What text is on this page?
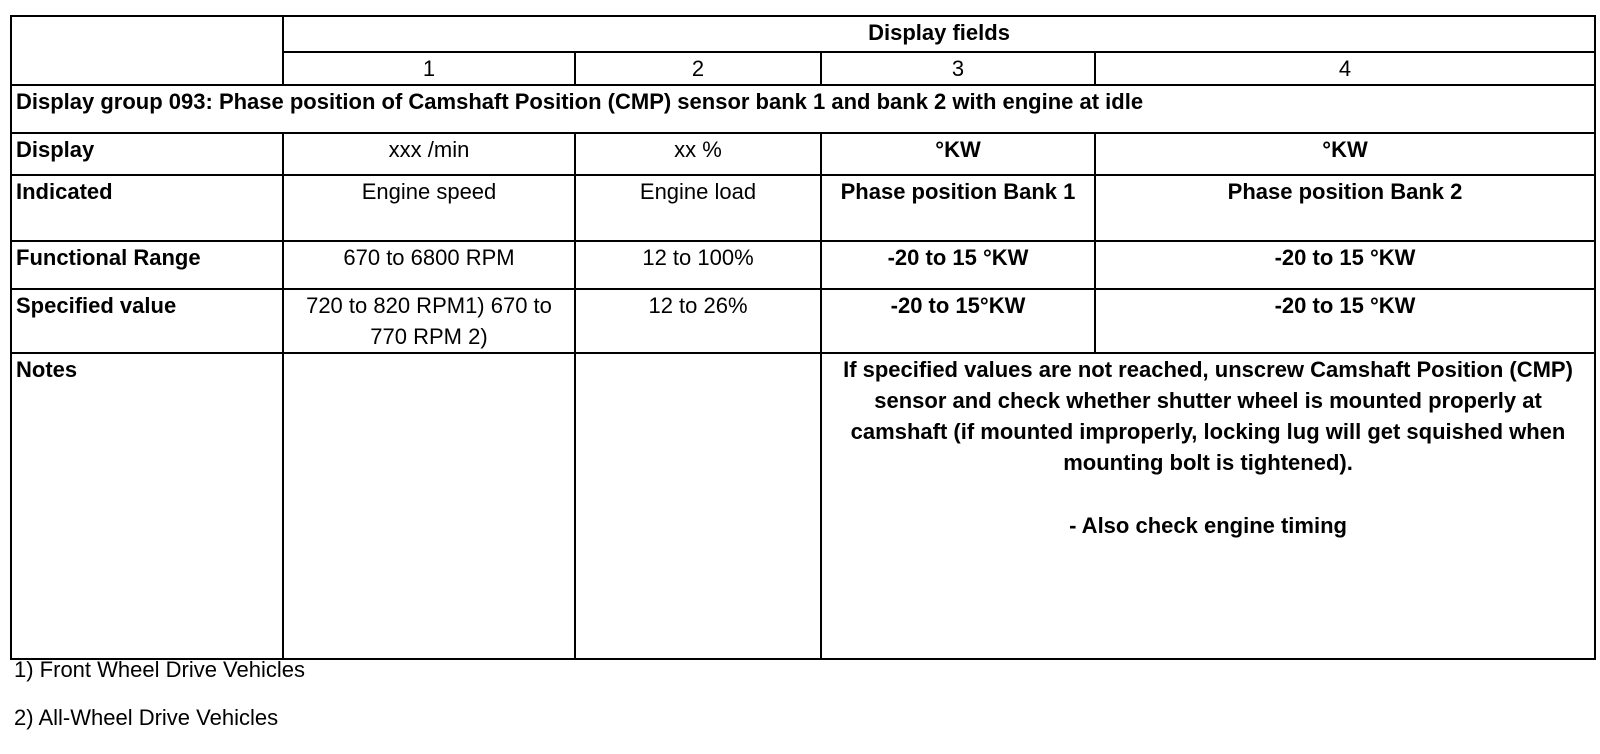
	Display fields			
	1	2	3	4
Display group 093: Phase position of Camshaft Position (CMP) sensor bank 1 and bank 2 with engine at idle				
Display	xxx /min	xx %	°KW	°KW
Indicated	Engine speed	Engine load	Phase position Bank 1	Phase position Bank 2
Functional Range	670 to 6800 RPM	12 to 100%	-20 to 15 °KW	-20 to 15 °KW
Specified value	720 to 820 RPM1) 670 to 770 RPM 2)	12 to 26%	-20 to 15°KW	-20 to 15 °KW
Notes			If specified values are not reached, unscrew Camshaft Position (CMP) sensor and check whether shutter wheel is mounted properly at camshaft (if mounted improperly, locking lug will get squished when mounting bolt is tightened).

- Also check engine timing	

1) Front Wheel Drive Vehicles
2) All-Wheel Drive Vehicles
